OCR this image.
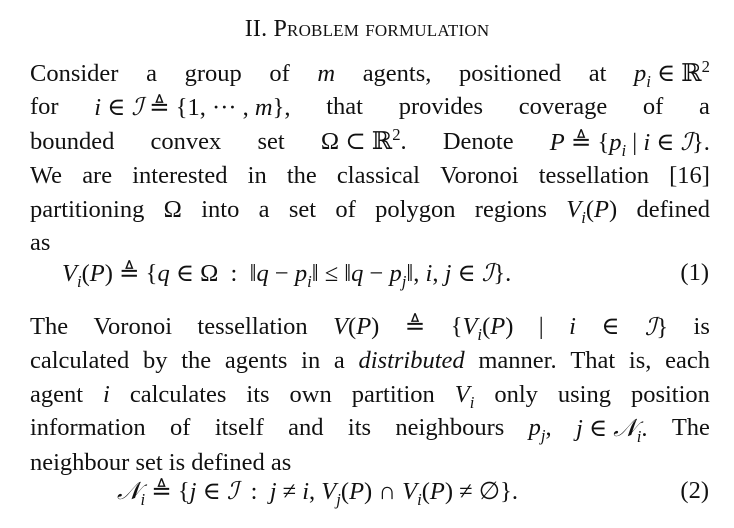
II. Problem formulation
Consider a group of m agents, positioned at $p_i$ ∈ ℝ$^2$
for i ∈ ℐ ≜ {1, ··· , m}, that provides coverage of a
bounded convex set Ω ⊂ ℝ$^2$. Denote P ≜ {$p_i$ | i ∈ ℐ}.
We are interested in the classical Voronoi tessellation [16]
partitioning Ω into a set of polygon regions $V_i(P)$ defined
as
$V_i(P)$ ≜ {q ∈ Ω  :  ‖q − $p_i‖$ ≤ ‖q − $p_j‖$, i, j ∈ ℐ}.	(1)
The Voronoi tessellation V(P) ≜ {$V_i(P)$ | i ∈ ℐ} is
calculated by the agents in a distributed manner. That is, each
agent i calculates its own partition $V_i$ only using position
information of itself and its neighbours $p_j$, j ∈ 𝒩$_i$. The
neighbour set is defined as
𝒩$_i$ ≜ {j ∈ ℐ  :  j ≠ i, $V_j(P)$ ∩ $V_i(P)$ ≠ ∅}.	(2)
